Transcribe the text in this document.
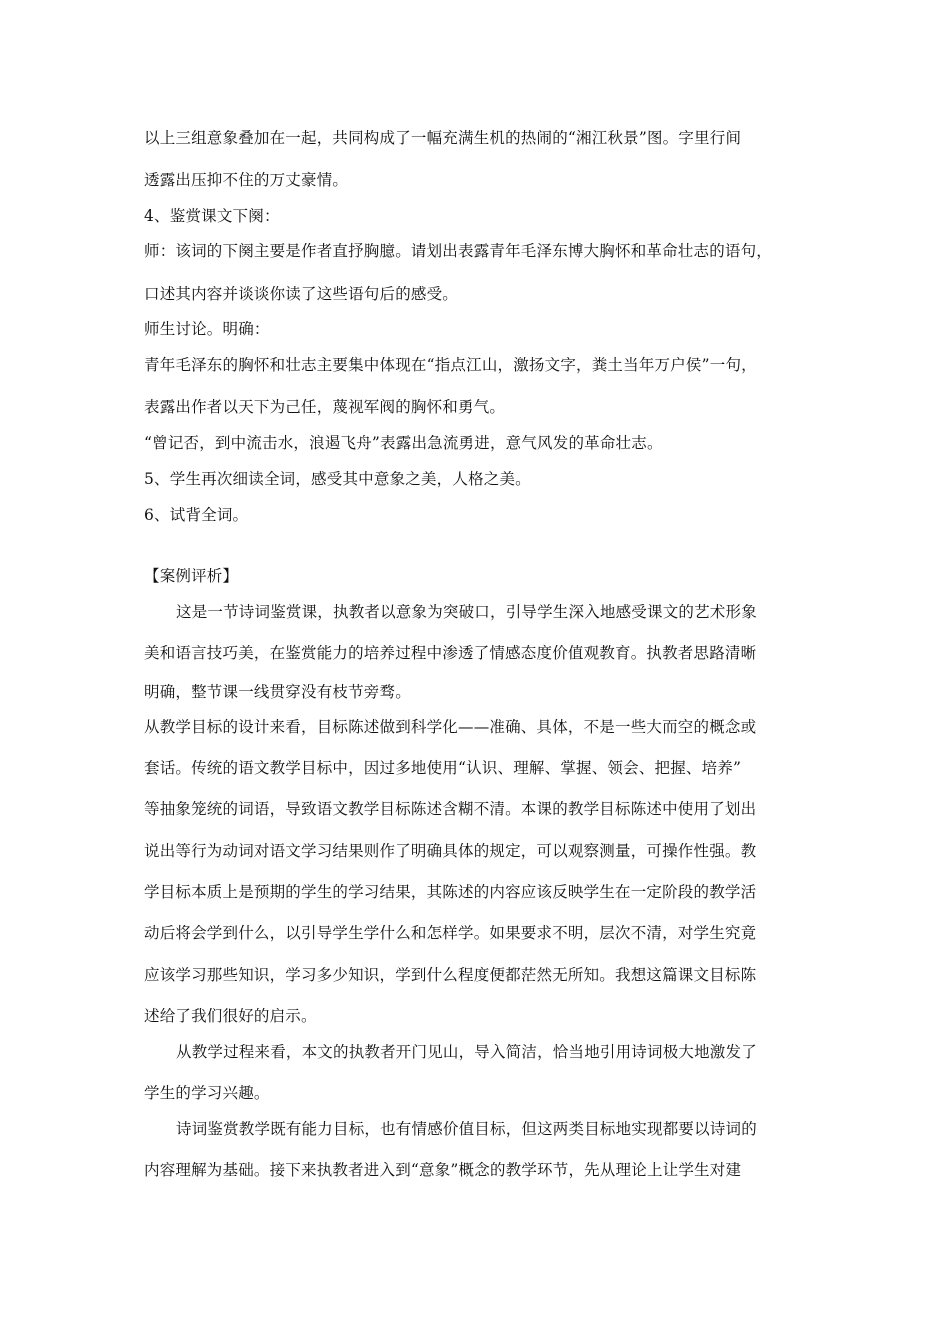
以上三组意象叠加在一起，共同构成了一幅充满生机的热闹的“湘江秋景”图。字里行间
透露出压抑不住的万丈豪情。
4、鉴赏课文下阕：
师：该词的下阕主要是作者直抒胸臆。请划出表露青年毛泽东博大胸怀和革命壮志的语句，
口述其内容并谈谈你读了这些语句后的感受。
师生讨论。明确：
青年毛泽东的胸怀和壮志主要集中体现在“指点江山，激扬文字，粪土当年万户侯”一句，
表露出作者以天下为己任，蔑视军阀的胸怀和勇气。
“曾记否，到中流击水，浪遏飞舟”表露出急流勇进，意气风发的革命壮志。
5、学生再次细读全词，感受其中意象之美，人格之美。
6、试背全词。
【案例评析】
这是一节诗词鉴赏课，执教者以意象为突破口，引导学生深入地感受课文的艺术形象
美和语言技巧美，在鉴赏能力的培养过程中渗透了情感态度价值观教育。执教者思路清晰
明确，整节课一线贯穿没有枝节旁骛。
从教学目标的设计来看，目标陈述做到科学化——准确、具体，不是一些大而空的概念或
套话。传统的语文教学目标中，因过多地使用“认识、理解、掌握、领会、把握、培养”
等抽象笼统的词语，导致语文教学目标陈述含糊不清。本课的教学目标陈述中使用了划出
说出等行为动词对语文学习结果则作了明确具体的规定，可以观察测量，可操作性强。教
学目标本质上是预期的学生的学习结果，其陈述的内容应该反映学生在一定阶段的教学活
动后将会学到什么，以引导学生学什么和怎样学。如果要求不明，层次不清，对学生究竟
应该学习那些知识，学习多少知识，学到什么程度便都茫然无所知。我想这篇课文目标陈
述给了我们很好的启示。
从教学过程来看，本文的执教者开门见山，导入简洁，恰当地引用诗词极大地激发了
学生的学习兴趣。
诗词鉴赏教学既有能力目标，也有情感价值目标，但这两类目标地实现都要以诗词的
内容理解为基础。接下来执教者进入到“意象”概念的教学环节，先从理论上让学生对建
